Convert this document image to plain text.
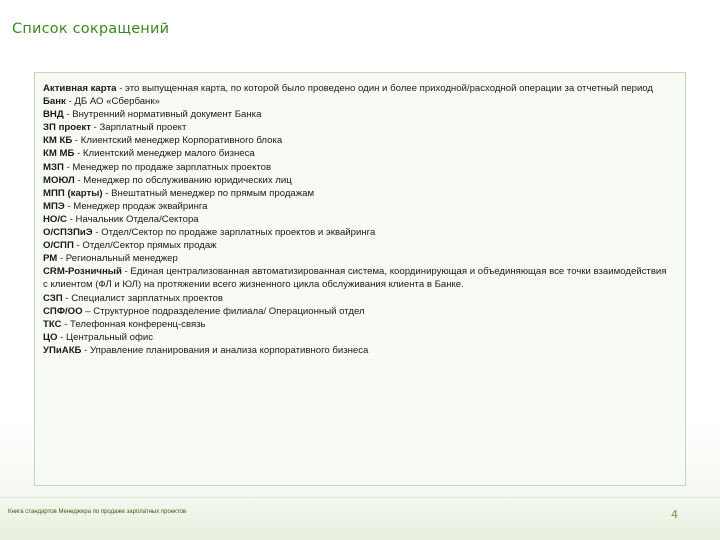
Список сокращений
Активная карта - это выпущенная карта, по которой было проведено один и более приходной/расходной операции за отчетный период
Банк - ДБ АО «Сбербанк»
ВНД - Внутренний нормативный документ Банка
ЗП проект - Зарплатный проект
КМ КБ - Клиентский менеджер Корпоративного блока
КМ МБ - Клиентский менеджер малого бизнеса
МЗП - Менеджер по продаже зарплатных проектов
МОЮЛ - Менеджер по обслуживанию юридических лиц
МПП (карты) - Внештатный менеджер по прямым продажам
МПЭ - Менеджер продаж эквайринга
НО/С - Начальник Отдела/Сектора
О/СПЗПиЭ - Отдел/Сектор по продаже зарплатных проектов и эквайринга
О/СПП - Отдел/Сектор прямых продаж
РМ - Региональный менеджер
CRM-Розничный - Единая централизованная автоматизированная система, координирующая и объединяющая все точки взаимодействия с клиентом (ФЛ и ЮЛ) на протяжении всего жизненного цикла обслуживания клиента в Банке.
СЗП - Специалист зарплатных проектов
СПФ/ОО – Структурное подразделение филиала/ Операционный отдел
ТКС - Телефонная конференц-связь
ЦО - Центральный офис
УПиАКБ - Управление планирования и анализа корпоративного бизнеса
Книга стандартов Менеджера по продаже зарплатных проектов	4
